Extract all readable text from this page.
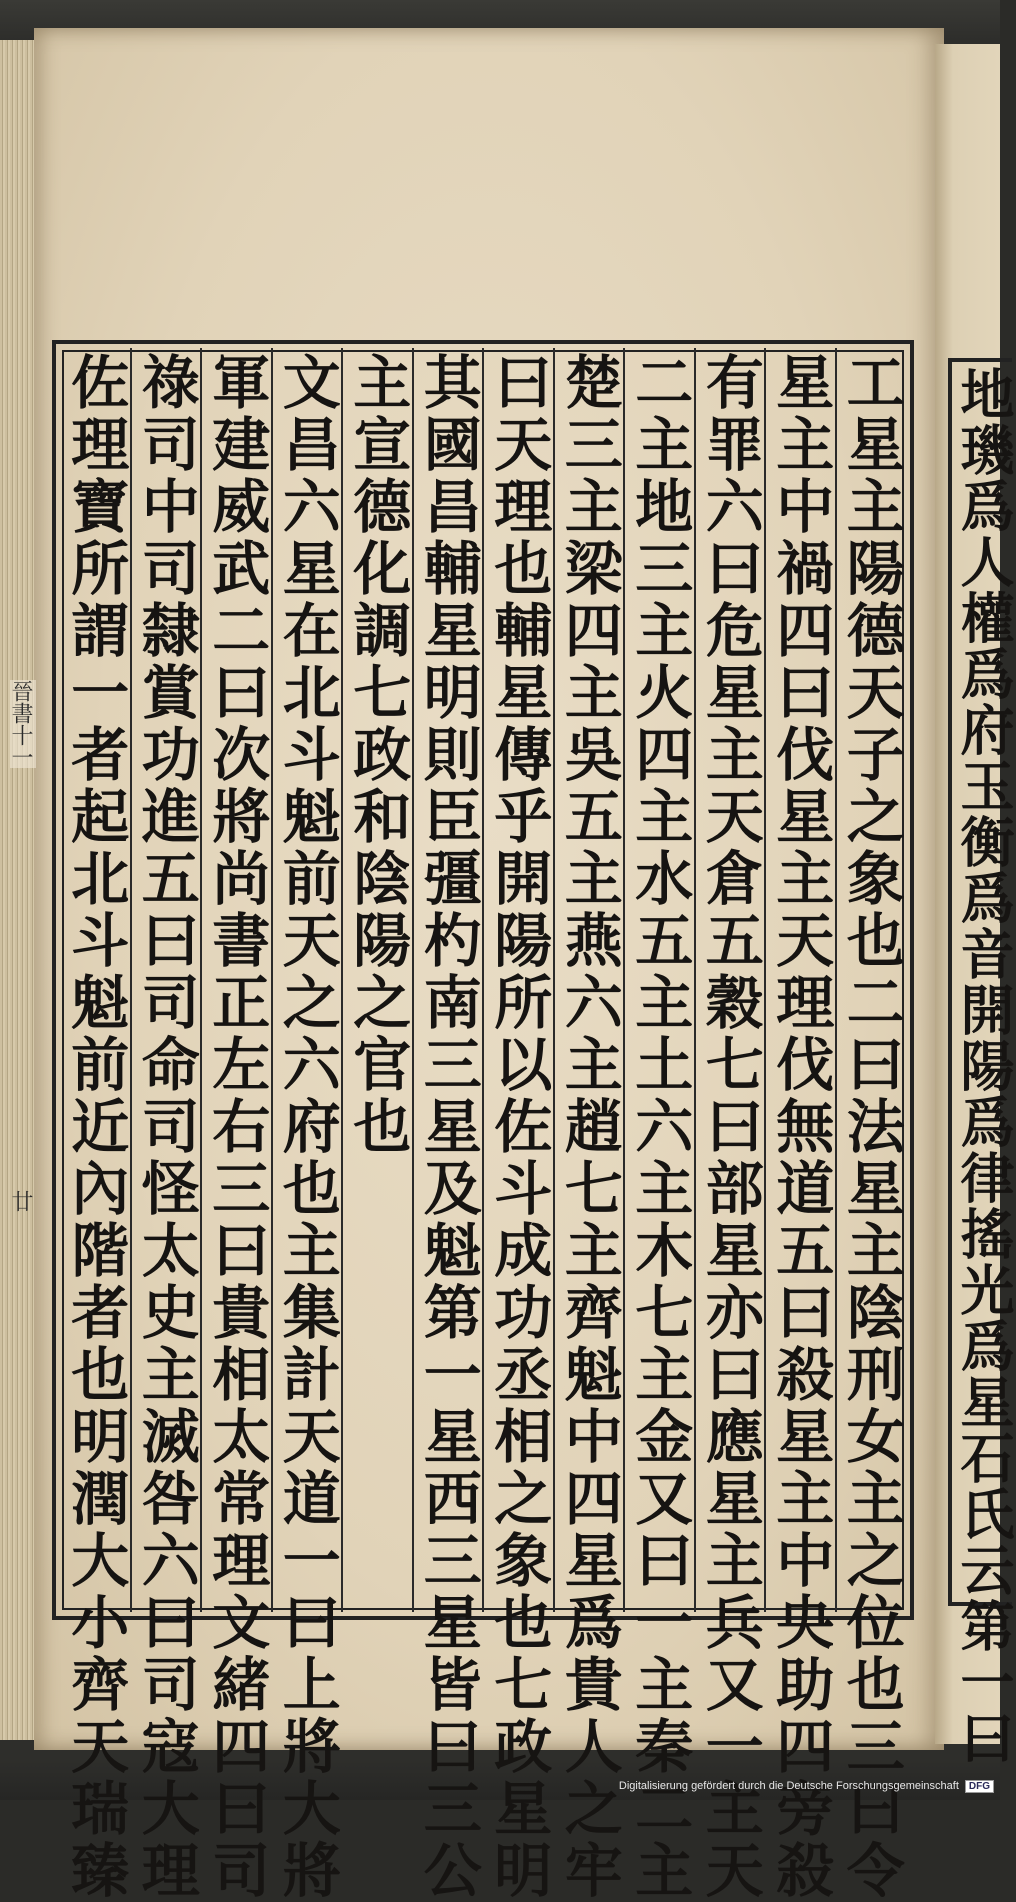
工星主陽德天子之象也二曰法星主陰刑女主之位也三曰令
星主中禍四曰伐星主天理伐無道五曰殺星主中央助四旁殺
有罪六曰危星主天倉五穀七曰部星亦曰應星主兵又一主天
二主地三主火四主水五主土六主木七主金又曰一主秦二主
楚三主梁四主吳五主燕六主趙七主齊魁中四星爲貴人之牢
曰天理也輔星傳乎開陽所以佐斗成功丞相之象也七政星明
其國昌輔星明則臣彊杓南三星及魁第一星西三星皆曰三公
主宣德化調七政和陰陽之官也
文昌六星在北斗魁前天之六府也主集計天道一曰上將大將
軍建威武二曰次將尚書正左右三曰貴相太常理文緒四曰司
祿司中司隸賞功進五曰司命司怪太史主滅咎六曰司寇大理
佐理寶所謂一者起北斗魁前近內階者也明潤大小齊天瑞臻	地璣爲人權爲府玉衡爲音開陽爲律搖光爲星石氏云第一曰
晉書十一
廿
Digitalisierung gefördert durch die Deutsche Forschungsgemeinschaft	DFG
